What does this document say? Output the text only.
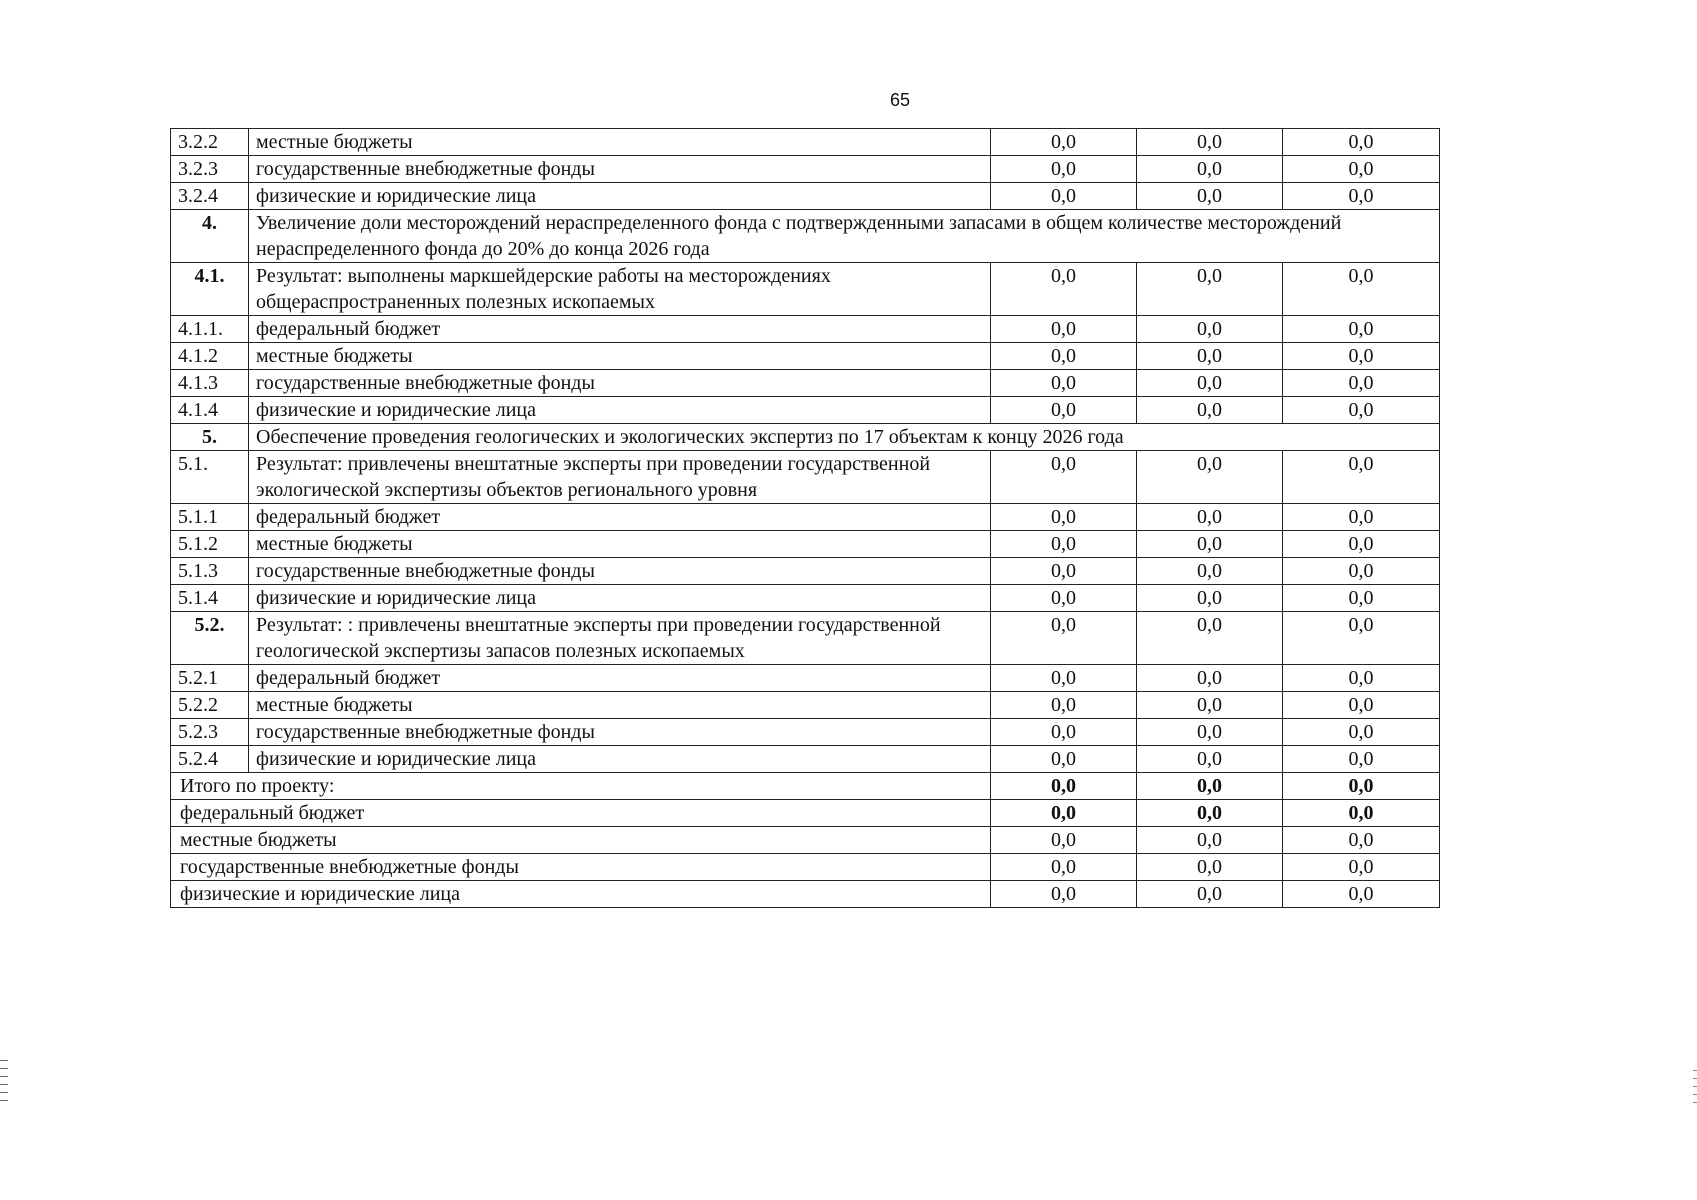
65
3.2.2	местные бюджеты	0,0	0,0	0,0
3.2.3	государственные внебюджетные фонды	0,0	0,0	0,0
3.2.4	физические и юридические лица	0,0	0,0	0,0
4.	Увеличение доли месторождений нераспределенного фонда с подтвержденными запасами в общем количестве месторождений нераспределенного фонда до 20% до конца 2026 года			
4.1.	Результат: выполнены маркшейдерские работы на месторождениях общераспространенных полезных ископаемых	0,0	0,0	0,0
4.1.1.	федеральный бюджет	0,0	0,0	0,0
4.1.2	местные бюджеты	0,0	0,0	0,0
4.1.3	государственные внебюджетные фонды	0,0	0,0	0,0
4.1.4	физические и юридические лица	0,0	0,0	0,0
5.	Обеспечение проведения геологических и экологических экспертиз по 17 объектам к концу 2026 года			
5.1.	Результат: привлечены внештатные эксперты при проведении государственной экологической экспертизы объектов регионального уровня	0,0	0,0	0,0
5.1.1	федеральный бюджет	0,0	0,0	0,0
5.1.2	местные бюджеты	0,0	0,0	0,0
5.1.3	государственные внебюджетные фонды	0,0	0,0	0,0
5.1.4	физические и юридические лица	0,0	0,0	0,0
5.2.	Результат: : привлечены внештатные эксперты при проведении государственной геологической экспертизы запасов полезных ископаемых	0,0	0,0	0,0
5.2.1	федеральный бюджет	0,0	0,0	0,0
5.2.2	местные бюджеты	0,0	0,0	0,0
5.2.3	государственные внебюджетные фонды	0,0	0,0	0,0
5.2.4	физические и юридические лица	0,0	0,0	0,0
Итого по проекту:		0,0	0,0	0,0
федеральный бюджет		0,0	0,0	0,0
местные бюджеты		0,0	0,0	0,0
государственные внебюджетные фонды		0,0	0,0	0,0
физические и юридические лица		0,0	0,0	0,0
